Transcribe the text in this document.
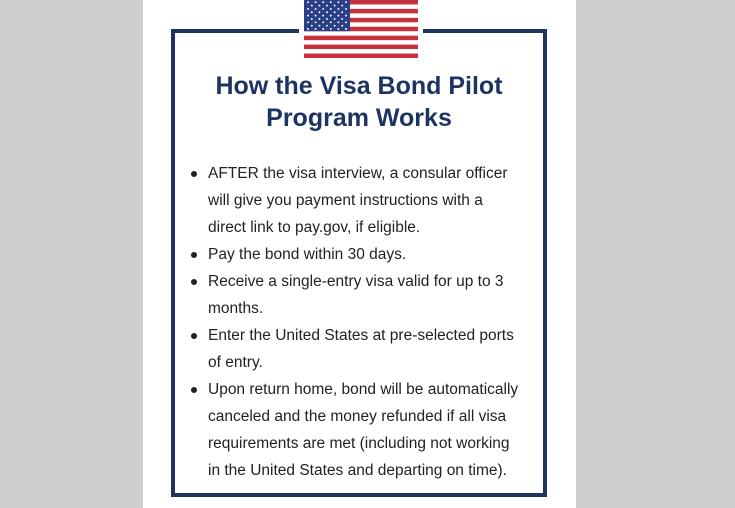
How the Visa Bond Pilot
Program Works
AFTER the visa interview, a consular officer
will give you payment instructions with a
direct link to pay.gov, if eligible.
Pay the bond within 30 days.
Receive a single-entry visa valid for up to 3
months.
Enter the United States at pre-selected ports
of entry.
Upon return home, bond will be automatically
canceled and the money refunded if all visa
requirements are met (including not working
in the United States and departing on time).
